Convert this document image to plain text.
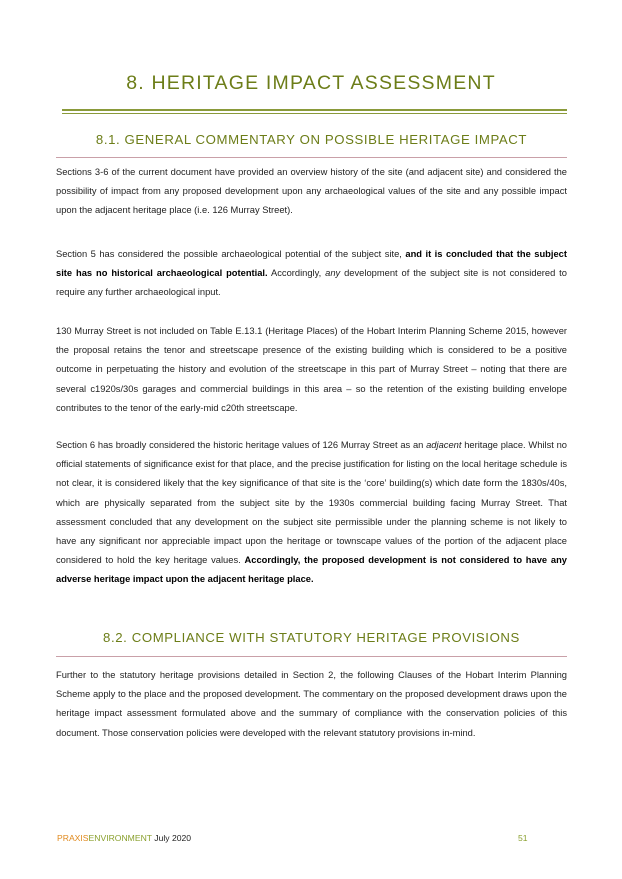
8. HERITAGE IMPACT ASSESSMENT
8.1. GENERAL COMMENTARY ON POSSIBLE HERITAGE IMPACT

Sections 3-6 of the current document have provided an overview history of the site (and adjacent site) and considered the possibility of impact from any proposed development upon any archaeological values of the site and any possible impact upon the adjacent heritage place (i.e. 126 Murray Street).

Section 5 has considered the possible archaeological potential of the subject site, and it is concluded that the subject site has no historical archaeological potential. Accordingly, any development of the subject site is not considered to require any further archaeological input.

130 Murray Street is not included on Table E.13.1 (Heritage Places) of the Hobart Interim Planning Scheme 2015, however the proposal retains the tenor and streetscape presence of the existing building which is considered to be a positive outcome in perpetuating the history and evolution of the streetscape in this part of Murray Street – noting that there are several c1920s/30s garages and commercial buildings in this area – so the retention of the existing building envelope contributes to the tenor of the early-mid c20th streetscape.

Section 6 has broadly considered the historic heritage values of 126 Murray Street as an adjacent heritage place. Whilst no official statements of significance exist for that place, and the precise justification for listing on the local heritage schedule is not clear, it is considered likely that the key significance of that site is the ‘core’ building(s) which date form the 1830s/40s, which are physically separated from the subject site by the 1930s commercial building facing Murray Street. That assessment concluded that any development on the subject site permissible under the planning scheme is not likely to have any significant nor appreciable impact upon the heritage or townscape values of the portion of the adjacent place considered to hold the key heritage values. Accordingly, the proposed development is not considered to have any adverse heritage impact upon the adjacent heritage place.

8.2. COMPLIANCE WITH STATUTORY HERITAGE PROVISIONS

Further to the statutory heritage provisions detailed in Section 2, the following Clauses of the Hobart Interim Planning Scheme apply to the place and the proposed development. The commentary on the proposed development draws upon the heritage impact assessment formulated above and the summary of compliance with the conservation policies of this document. Those conservation policies were developed with the relevant statutory provisions in-mind.

PRAXISENVIRONMENT July 2020	51
